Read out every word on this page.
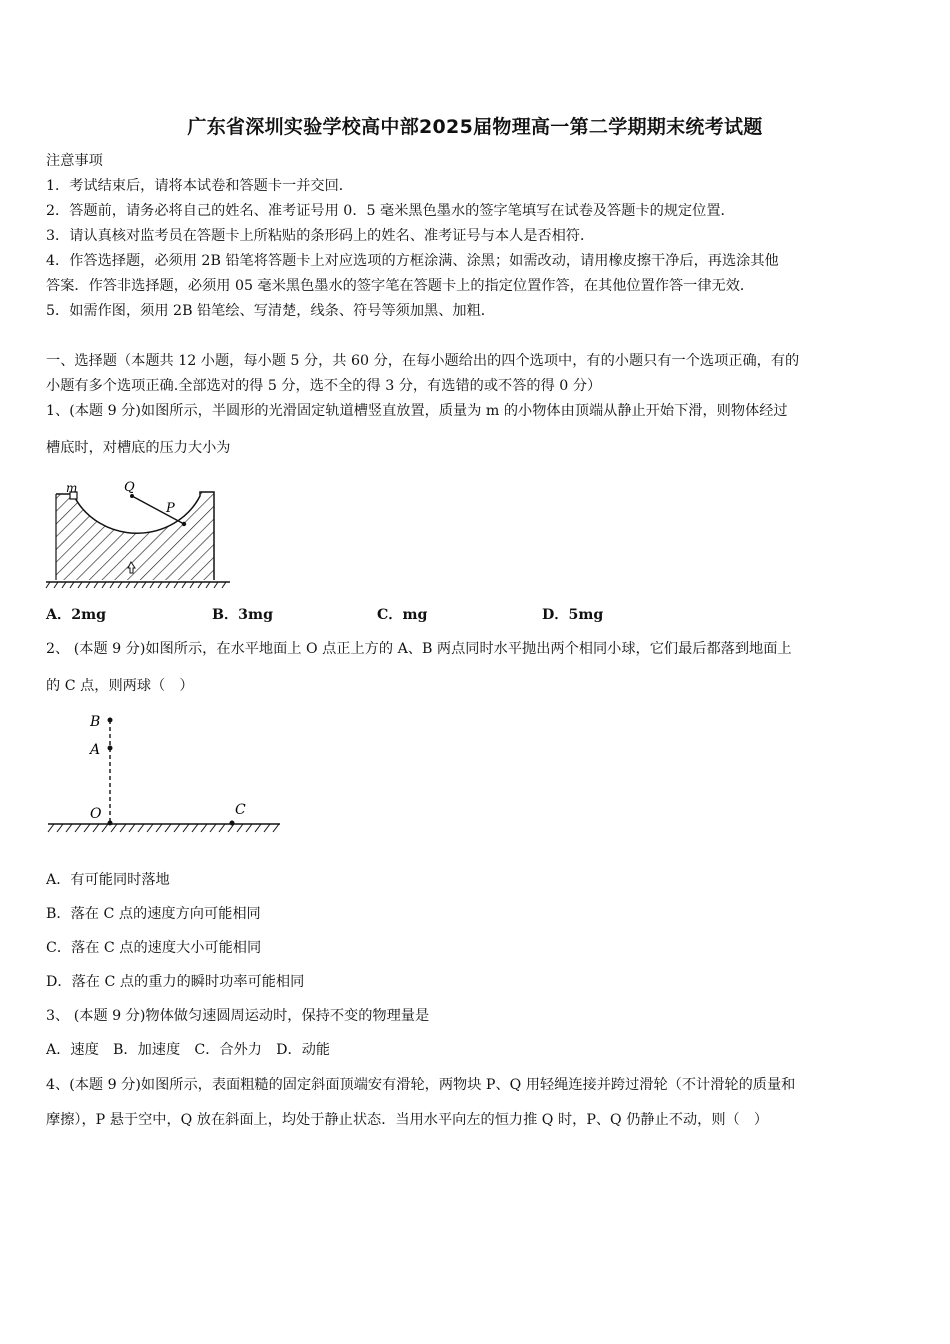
广东省深圳实验学校高中部2025届物理高一第二学期期末统考试题
注意事项
1．考试结束后，请将本试卷和答题卡一并交回．
2．答题前，请务必将自己的姓名、准考证号用 0．5 毫米黑色墨水的签字笔填写在试卷及答题卡的规定位置．
3．请认真核对监考员在答题卡上所粘贴的条形码上的姓名、准考证号与本人是否相符．
4．作答选择题，必须用 2B 铅笔将答题卡上对应选项的方框涂满、涂黑；如需改动，请用橡皮擦干净后，再选涂其他
答案．作答非选择题，必须用 05 毫米黑色墨水的签字笔在答题卡上的指定位置作答，在其他位置作答一律无效．
5．如需作图，须用 2B 铅笔绘、写清楚，线条、符号等须加黑、加粗．
一、选择题（本题共 12 小题，每小题 5 分，共 60 分，在每小题给出的四个选项中，有的小题只有一个选项正确，有的
小题有多个选项正确.全部选对的得 5 分，选不全的得 3 分，有选错的或不答的得 0 分）
1、(本题 9 分)如图所示，半圆形的光滑固定轨道槽竖直放置，质量为 m 的小物体由顶端从静止开始下滑，则物体经过
槽底时，对槽底的压力大小为
m	Q
P
A．2mg	B．3mg	C．mg	D．5mg
2、 (本题 9 分)如图所示，在水平地面上 O 点正上方的 A、B 两点同时水平抛出两个相同小球，它们最后都落到地面上
的 C 点，则两球（　）
B
A
O	C
A．有可能同时落地
B．落在 C 点的速度方向可能相同
C．落在 C 点的速度大小可能相同
D．落在 C 点的重力的瞬时功率可能相同
3、 (本题 9 分)物体做匀速圆周运动时，保持不变的物理量是
A．速度　B．加速度　C．合外力　D．动能
4、(本题 9 分)如图所示，表面粗糙的固定斜面顶端安有滑轮，两物块 P、Q 用轻绳连接并跨过滑轮（不计滑轮的质量和
摩擦），P 悬于空中，Q 放在斜面上，均处于静止状态．当用水平向左的恒力推 Q 时，P、Q 仍静止不动，则（　）
